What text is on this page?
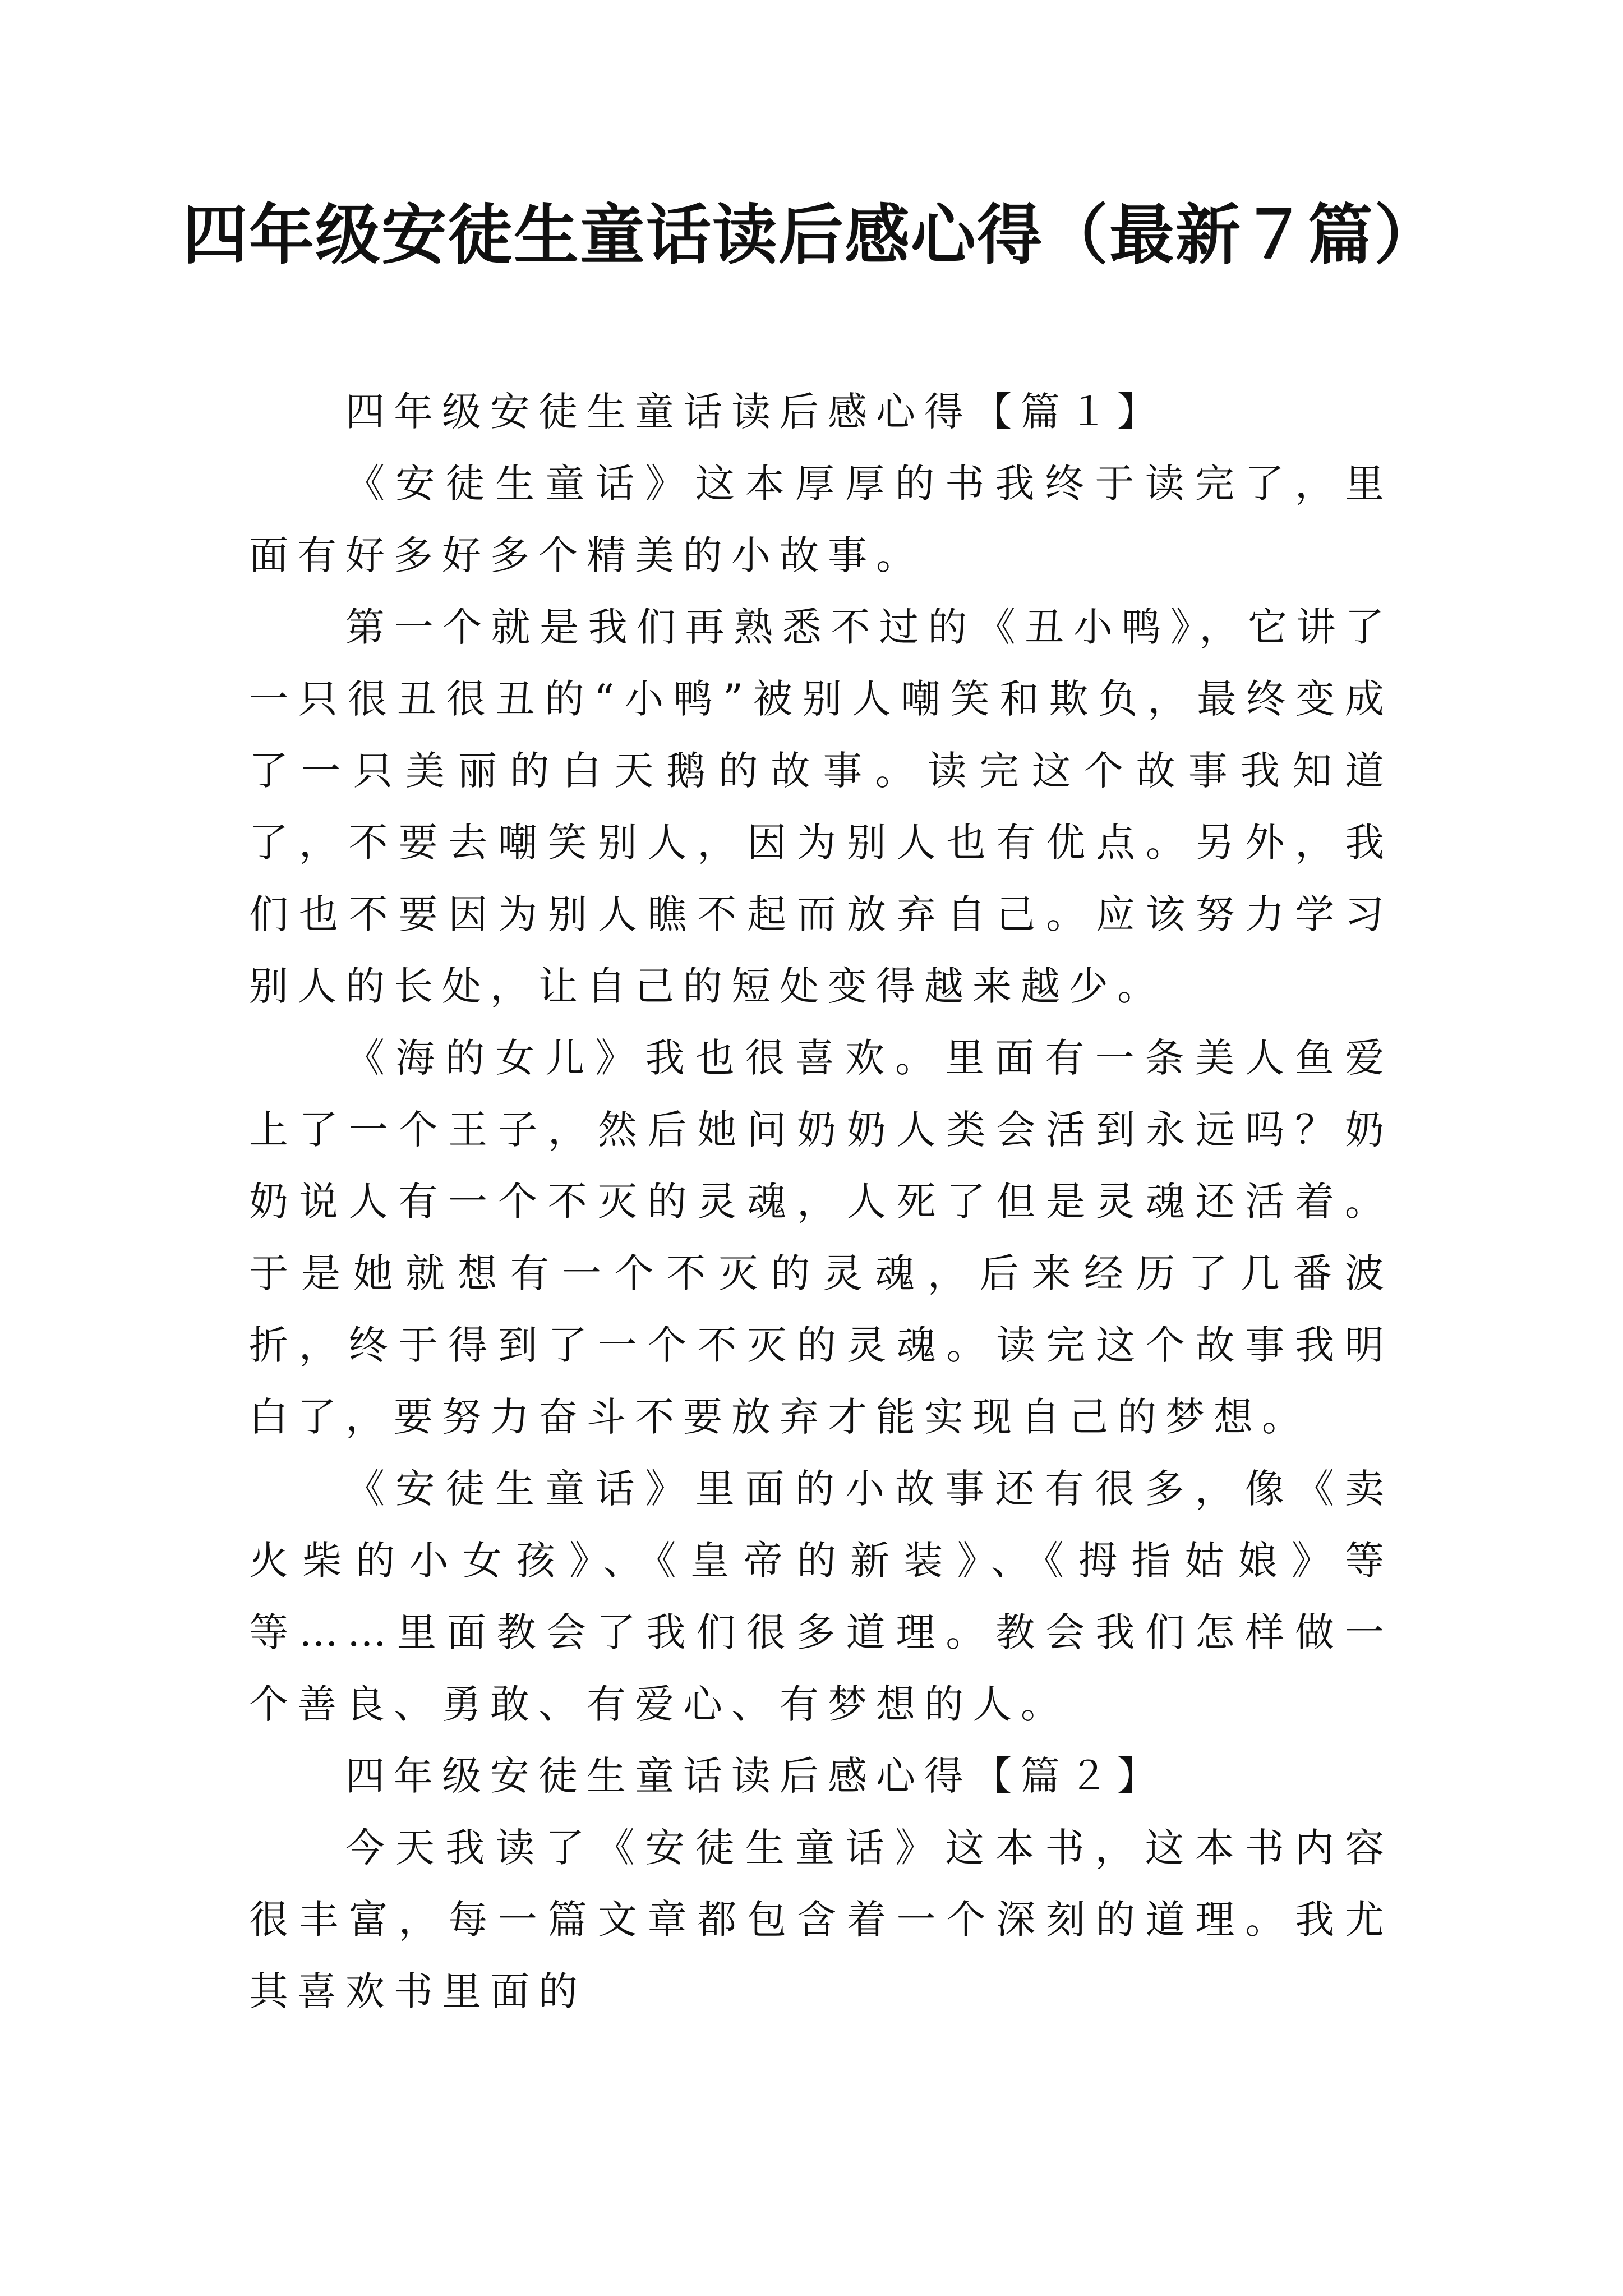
四年级安徒生童话读后感心得（最新７篇）

四年级安徒生童话读后感心得【篇１】

《安徒生童话》这本厚厚的书我终于读完了，里面有好多好多个精美的小故事。

第一个就是我们再熟悉不过的《丑小鸭》，它讲了一只很丑很丑的“小鸭”被别人嘲笑和欺负，最终变成了一只美丽的白天鹅的故事。读完这个故事我知道了，不要去嘲笑别人，因为别人也有优点。另外，我们也不要因为别人瞧不起而放弃自己。应该努力学习别人的长处，让自己的短处变得越来越少。

《海的女儿》我也很喜欢。里面有一条美人鱼爱上了一个王子，然后她问奶奶人类会活到永远吗？奶奶说人有一个不灭的灵魂，人死了但是灵魂还活着。于是她就想有一个不灭的灵魂，后来经历了几番波折，终于得到了一个不灭的灵魂。读完这个故事我明白了，要努力奋斗不要放弃才能实现自己的梦想。

《安徒生童话》里面的小故事还有很多，像《卖火柴的小女孩》、《皇帝的新装》、《拇指姑娘》等等……里面教会了我们很多道理。教会我们怎样做一个善良、勇敢、有爱心、有梦想的人。

四年级安徒生童话读后感心得【篇２】

今天我读了《安徒生童话》这本书，这本书内容很丰富，每一篇文章都包含着一个深刻的道理。我尤其喜欢书里面的
